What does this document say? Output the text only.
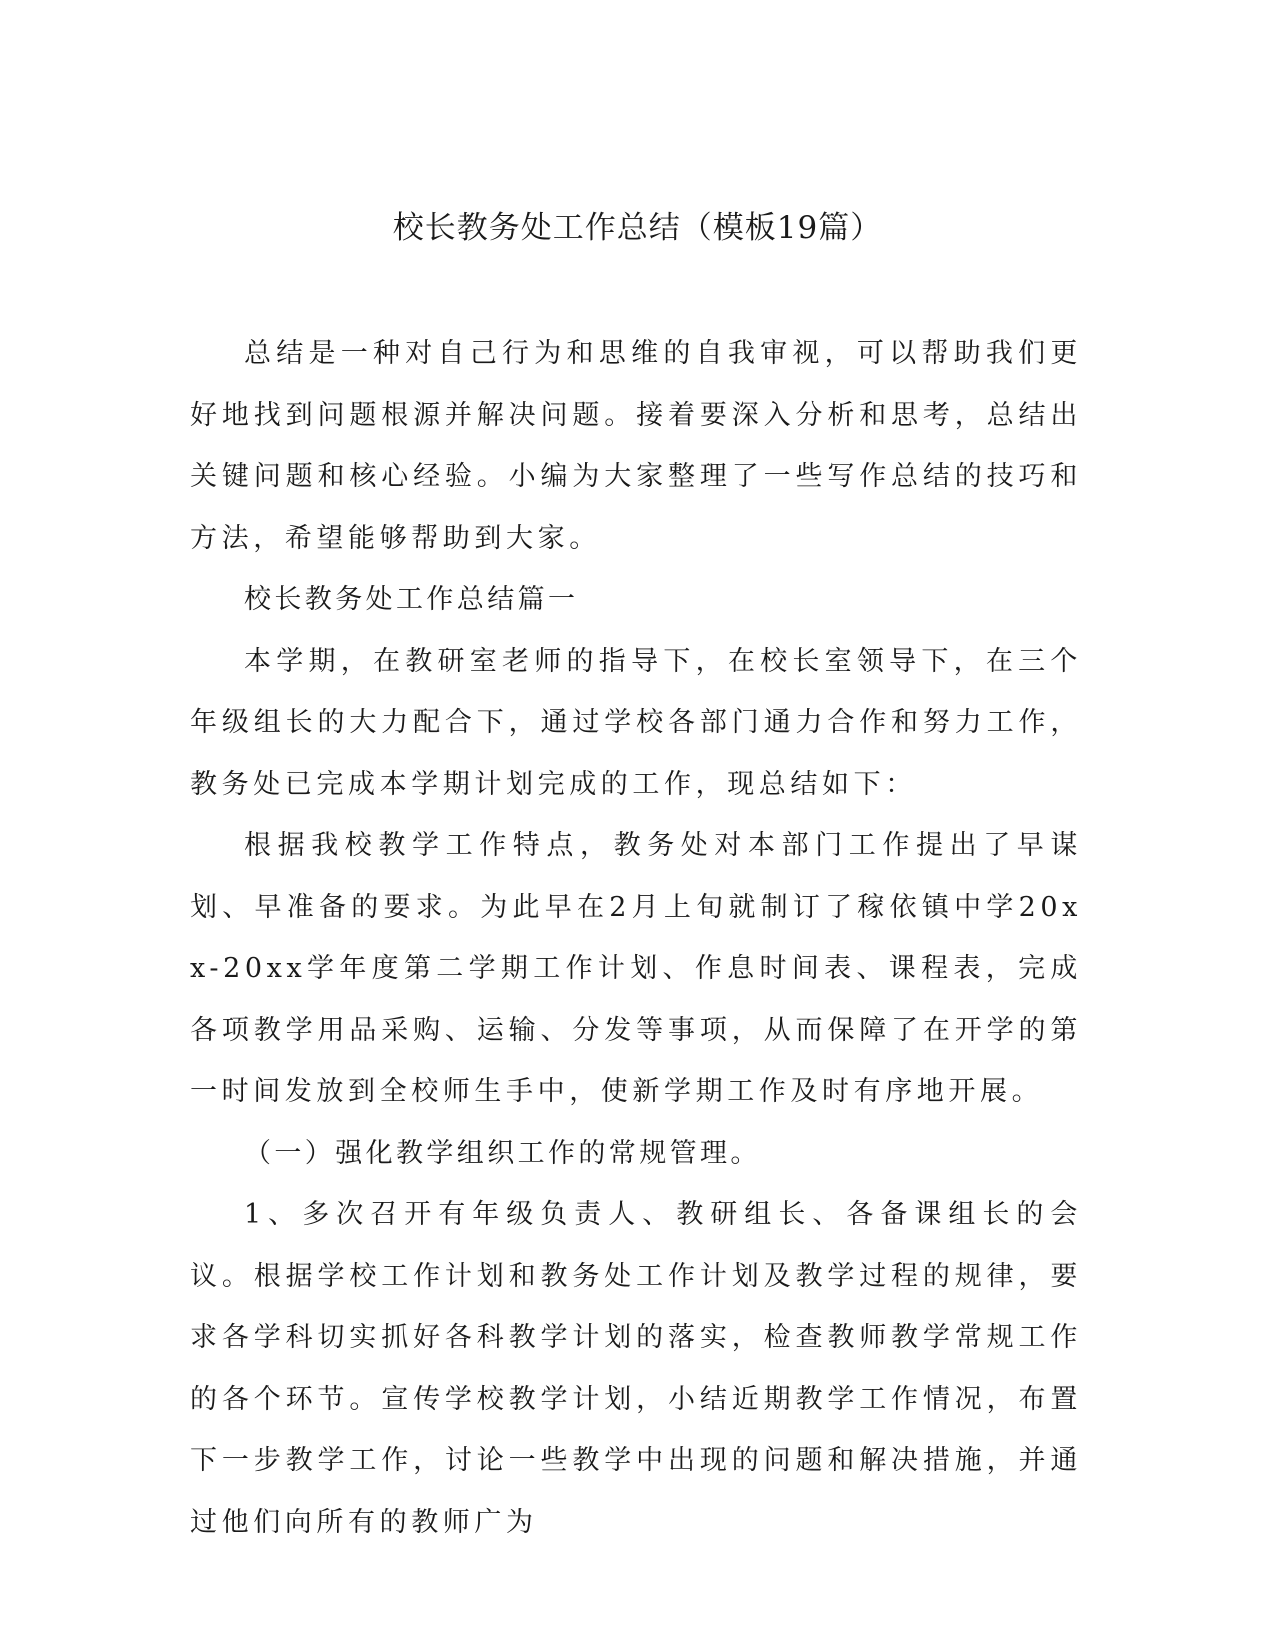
校长教务处工作总结（模板19篇）

总结是一种对自己行为和思维的自我审视，可以帮助我们更好地找到问题根源并解决问题。接着要深入分析和思考，总结出关键问题和核心经验。小编为大家整理了一些写作总结的技巧和方法，希望能够帮助到大家。

校长教务处工作总结篇一

本学期，在教研室老师的指导下，在校长室领导下，在三个年级组长的大力配合下，通过学校各部门通力合作和努力工作，教务处已完成本学期计划完成的工作，现总结如下：

根据我校教学工作特点，教务处对本部门工作提出了早谋划、早准备的要求。为此早在2月上旬就制订了稼依镇中学20xx-20xx学年度第二学期工作计划、作息时间表、课程表，完成各项教学用品采购、运输、分发等事项，从而保障了在开学的第一时间发放到全校师生手中，使新学期工作及时有序地开展。

（一）强化教学组织工作的常规管理。

1、多次召开有年级负责人、教研组长、各备课组长的会议。根据学校工作计划和教务处工作计划及教学过程的规律，要求各学科切实抓好各科教学计划的落实，检查教师教学常规工作的各个环节。宣传学校教学计划，小结近期教学工作情况，布置下一步教学工作，讨论一些教学中出现的问题和解决措施，并通过他们向所有的教师广为
